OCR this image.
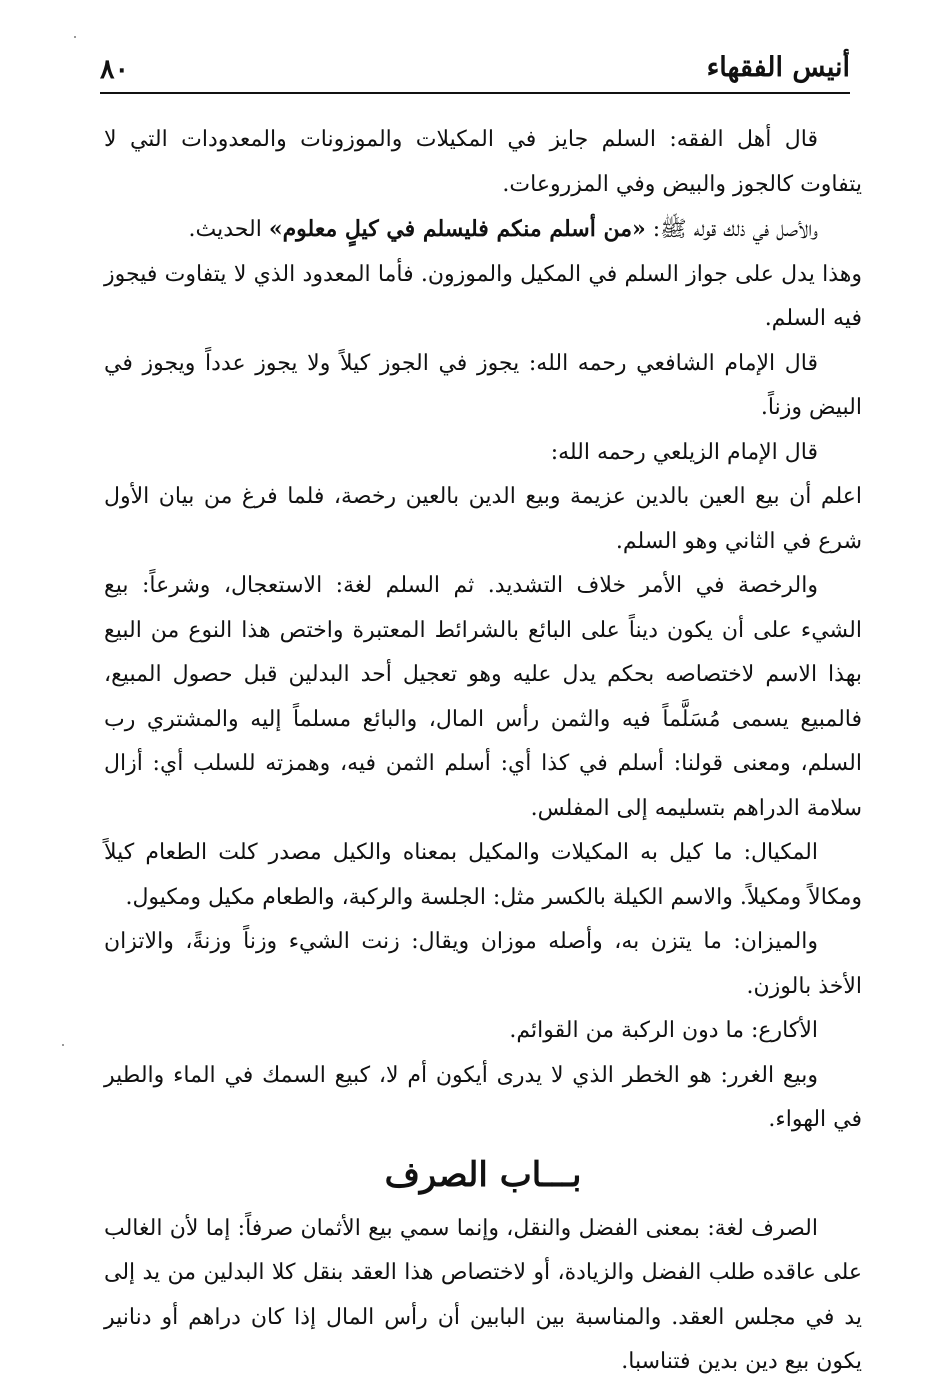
أنيس الفقهاء
٨٠

قال أهل الفقه: السلم جايز في المكيلات والموزونات والمعدودات التي لا يتفاوت كالجوز والبيض وفي المزروعات.

والأصل في ذلك قوله ﷺ: «من أسلم منكم فليسلم في كيلٍ معلوم» الحديث.

وهذا يدل على جواز السلم في المكيل والموزون. فأما المعدود الذي لا يتفاوت فيجوز فيه السلم.

قال الإمام الشافعي رحمه الله: يجوز في الجوز كيلاً ولا يجوز عدداً ويجوز في البيض وزناً.

قال الإمام الزيلعي رحمه الله:

اعلم أن بيع العين بالدين عزيمة وبيع الدين بالعين رخصة، فلما فرغ من بيان الأول شرع في الثاني وهو السلم.

والرخصة في الأمر خلاف التشديد. ثم السلم لغة: الاستعجال، وشرعاً: بيع الشيء على أن يكون ديناً على البائع بالشرائط المعتبرة واختص هذا النوع من البيع بهذا الاسم لاختصاصه بحكم يدل عليه وهو تعجيل أحد البدلين قبل حصول المبيع، فالمبيع يسمى مُسَلَّماً فيه والثمن رأس المال، والبائع مسلماً إليه والمشتري رب السلم، ومعنى قولنا: أسلم في كذا أي: أسلم الثمن فيه، وهمزته للسلب أي: أزال سلامة الدراهم بتسليمه إلى المفلس.

المكيال: ما كيل به المكيلات والمكيل بمعناه والكيل مصدر كلت الطعام كيلاً ومكالاً ومكيلاً. والاسم الكيلة بالكسر مثل: الجلسة والركبة، والطعام مكيل ومكيول.

والميزان: ما يتزن به، وأصله موزان ويقال: زنت الشيء وزناً وزنةً، والاتزان الأخذ بالوزن.

الأكارع: ما دون الركبة من القوائم.

وبيع الغرر: هو الخطر الذي لا يدرى أيكون أم لا، كبيع السمك في الماء والطير في الهواء.

بـــاب الصرف

الصرف لغة: بمعنى الفضل والنقل، وإنما سمي بيع الأثمان صرفاً: إما لأن الغالب على عاقده طلب الفضل والزيادة، أو لاختصاص هذا العقد بنقل كلا البدلين من يد إلى يد في مجلس العقد. والمناسبة بين البابين أن رأس المال إذا كان دراهم أو دنانير يكون بيع دين بدين فتناسبا.
